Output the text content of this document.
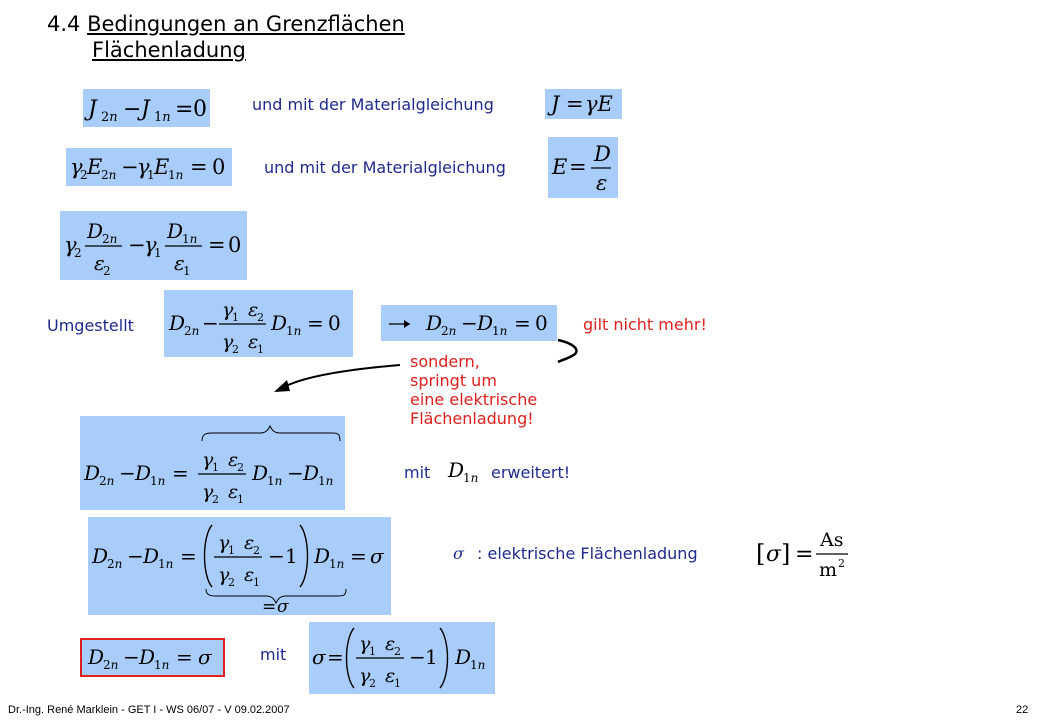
4.4 Bedingungen an Grenzflächen
Flächenladung
J 2n − J 1n = 0	und mit der Materialgleichung	J = γE
γ
2 E
2n −
γ
1 E
1n = 0 und mit der Materialgleichung E =
D
ε
γ
2
D
2n
ε
2
−
γ
1
D
1n
ε
1
= 0
Umgestellt D
2n −
γ
1 ε
2
γ
2 ε
1
D
1n = 0	D
2n − D
1n = 0 gilt nicht mehr!
sondern,
springt um
eine elektrische
Flächenladung!
D
2n − D
1n =
γ
1 ε
2
γ
2 ε
1
D
1n − D
1n	mit D
1n erweitert!
D
2n − D
1n =
γ
1 ε
2
γ
2 ε
1
− 1 D
1n = σ
= σ
σ : elektrische Flächenladung [ σ ] =
As
m 2
D
2n − D
1n = σ	mit σ =
γ
1 ε
2
γ
2 ε
1
− 1 D
1n
Dr.-Ing. René Marklein - GET I - WS 06/07 - V 09.02.2007	22
